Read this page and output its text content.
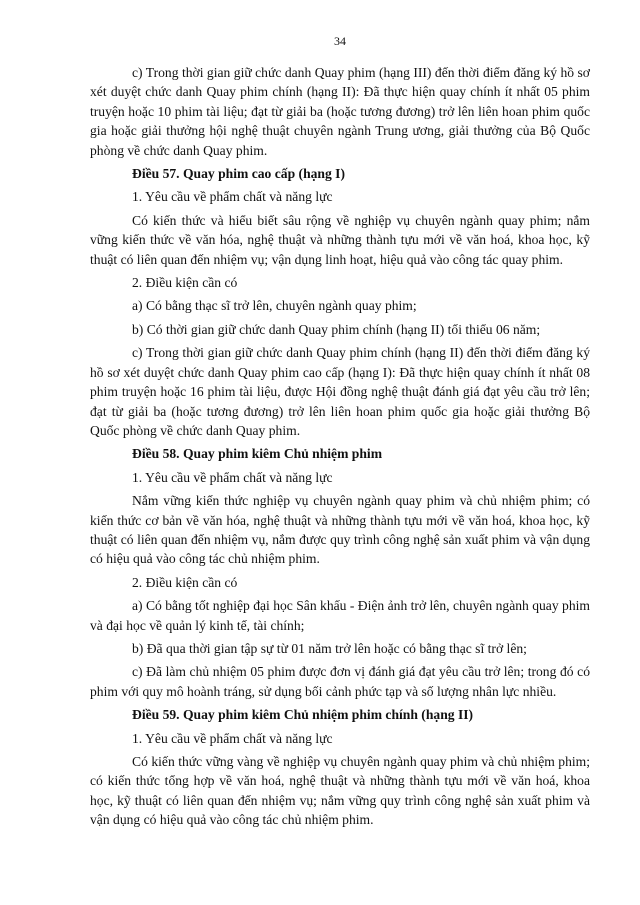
34

c) Trong thời gian giữ chức danh Quay phim (hạng III) đến thời điểm đăng ký hồ sơ xét duyệt chức danh Quay phim chính (hạng II): Đã thực hiện quay chính ít nhất 05 phim truyện hoặc 10 phim tài liệu; đạt từ giải ba (hoặc tương đương) trở lên liên hoan phim quốc gia hoặc giải thưởng hội nghệ thuật chuyên ngành Trung ương, giải thưởng của Bộ Quốc phòng về chức danh Quay phim.

Điều 57. Quay phim cao cấp (hạng I)

1. Yêu cầu về phẩm chất và năng lực

Có kiến thức và hiểu biết sâu rộng về nghiệp vụ chuyên ngành quay phim; nắm vững kiến thức về văn hóa, nghệ thuật và những thành tựu mới về văn hoá, khoa học, kỹ thuật có liên quan đến nhiệm vụ; vận dụng linh hoạt, hiệu quả vào công tác quay phim.

2. Điều kiện cần có

a) Có bằng thạc sĩ trở lên, chuyên ngành quay phim;

b) Có thời gian giữ chức danh Quay phim chính (hạng II) tối thiểu 06 năm;

c) Trong thời gian giữ chức danh Quay phim chính (hạng II) đến thời điểm đăng ký hồ sơ xét duyệt chức danh Quay phim cao cấp (hạng I): Đã thực hiện quay chính ít nhất 08 phim truyện hoặc 16 phim tài liệu, được Hội đồng nghệ thuật đánh giá đạt yêu cầu trở lên; đạt từ giải ba (hoặc tương đương) trở lên liên hoan phim quốc gia hoặc giải thưởng Bộ Quốc phòng về chức danh Quay phim.

Điều 58. Quay phim kiêm Chủ nhiệm phim

1. Yêu cầu về phẩm chất và năng lực

Nắm vững kiến thức nghiệp vụ chuyên ngành quay phim và chủ nhiệm phim; có kiến thức cơ bản về văn hóa, nghệ thuật và những thành tựu mới về văn hoá, khoa học, kỹ thuật có liên quan đến nhiệm vụ, nắm được quy trình công nghệ sản xuất phim và vận dụng có hiệu quả vào công tác chủ nhiệm phim.

2. Điều kiện cần có

a) Có bằng tốt nghiệp đại học Sân khấu - Điện ảnh trở lên, chuyên ngành quay phim và đại học về quản lý kinh tế, tài chính;

b) Đã qua thời gian tập sự từ 01 năm trở lên hoặc có bằng thạc sĩ trở lên;

c) Đã làm chủ nhiệm 05 phim được đơn vị đánh giá đạt yêu cầu trở lên; trong đó có phim với quy mô hoành tráng, sử dụng bối cảnh phức tạp và số lượng nhân lực nhiều.

Điều 59. Quay phim kiêm Chủ nhiệm phim chính (hạng II)

1. Yêu cầu về phẩm chất và năng lực

Có kiến thức vững vàng về nghiệp vụ chuyên ngành quay phim và chủ nhiệm phim; có kiến thức tổng hợp về văn hoá, nghệ thuật và những thành tựu mới về văn hoá, khoa học, kỹ thuật có liên quan đến nhiệm vụ; nắm vững quy trình công nghệ sản xuất phim và vận dụng có hiệu quả vào công tác chủ nhiệm phim.
